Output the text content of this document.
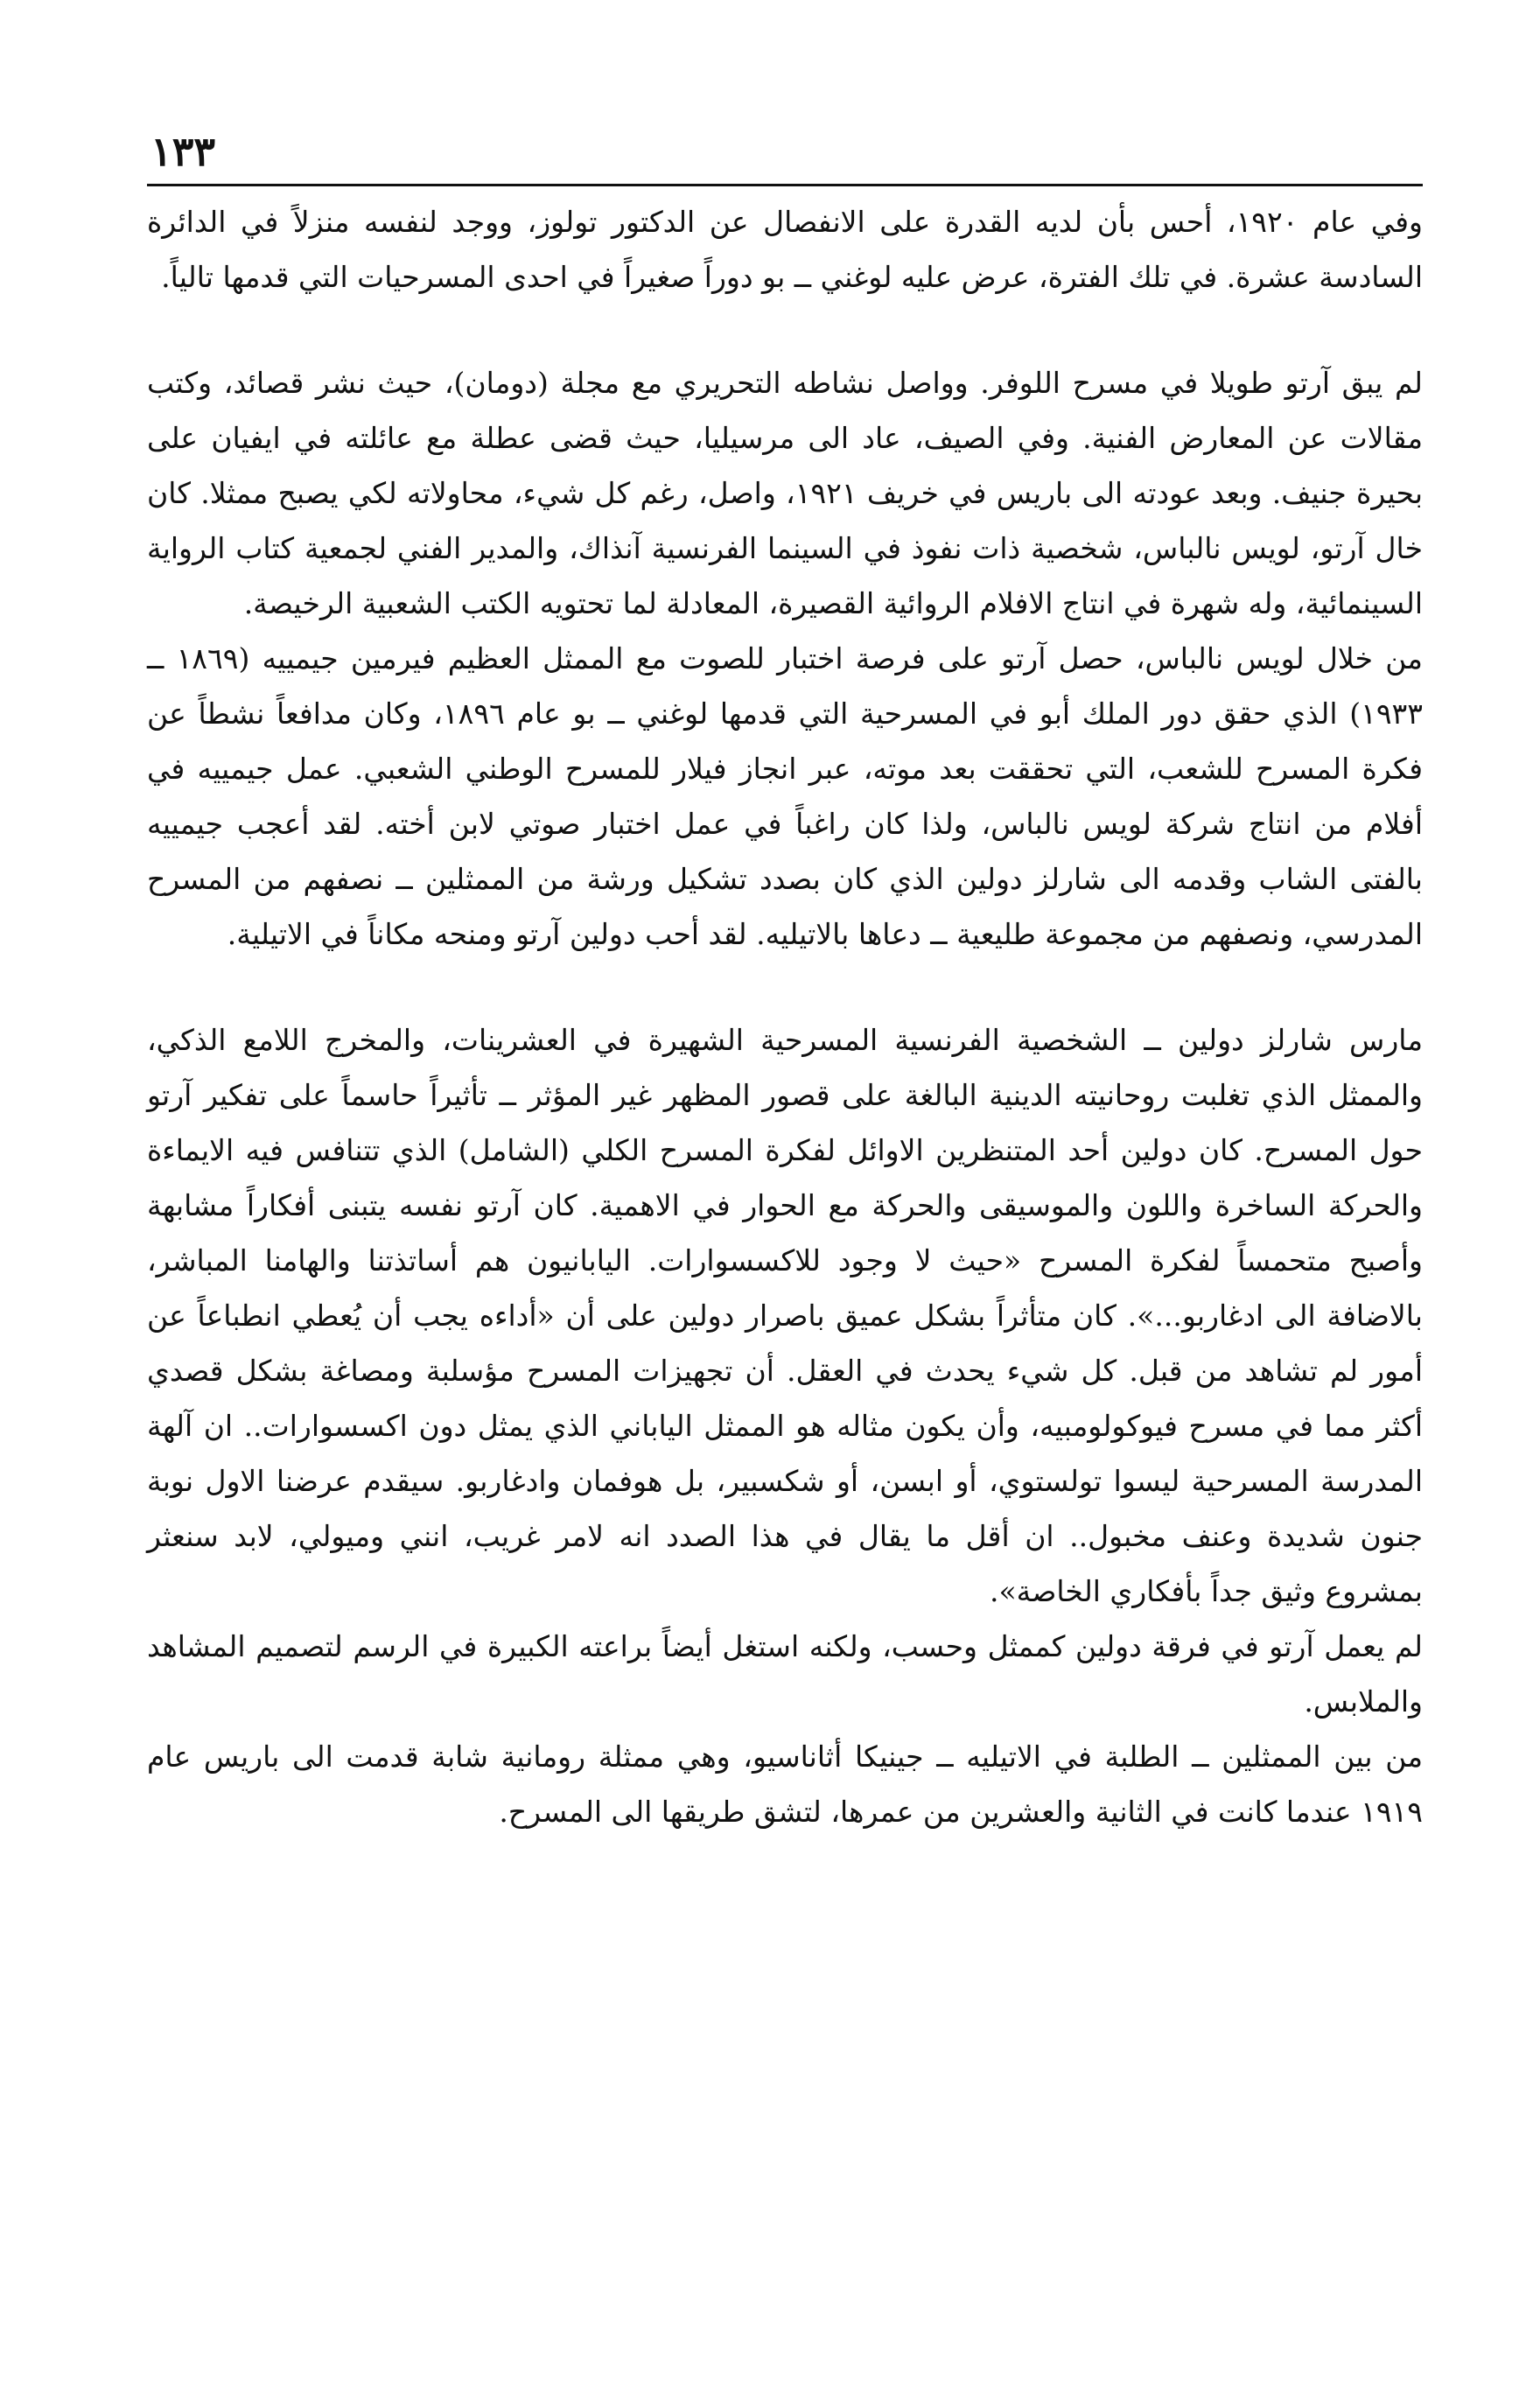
١٣٣

وفي عام ١٩٢٠، أحس بأن لديه القدرة على الانفصال عن الدكتور تولوز، ووجد لنفسه منزلاً في الدائرة السادسة عشرة. في تلك الفترة، عرض عليه لوغني ــ بو دوراً صغيراً في احدى المسرحيات التي قدمها تالياً.

لم يبق آرتو طويلا في مسرح اللوفر. وواصل نشاطه التحريري مع مجلة (دومان)، حيث نشر قصائد، وكتب مقالات عن المعارض الفنية. وفي الصيف، عاد الى مرسيليا، حيث قضى عطلة مع عائلته في ايفيان على بحيرة جنيف. وبعد عودته الى باريس في خريف ١٩٢١، واصل، رغم كل شيء، محاولاته لكي يصبح ممثلا. كان خال آرتو، لويس نالباس، شخصية ذات نفوذ في السينما الفرنسية آنذاك، والمدير الفني لجمعية كتاب الرواية السينمائية، وله شهرة في انتاج الافلام الروائية القصيرة، المعادلة لما تحتويه الكتب الشعبية الرخيصة.

من خلال لويس نالباس، حصل آرتو على فرصة اختبار للصوت مع الممثل العظيم فيرمين جيمييه (١٨٦٩ ــ ١٩٣٣) الذي حقق دور الملك أبو في المسرحية التي قدمها لوغني ــ بو عام ١٨٩٦، وكان مدافعاً نشطاً عن فكرة المسرح للشعب، التي تحققت بعد موته، عبر انجاز فيلار للمسرح الوطني الشعبي. عمل جيمييه في أفلام من انتاج شركة لويس نالباس، ولذا كان راغباً في عمل اختبار صوتي لابن أخته. لقد أعجب جيمييه بالفتى الشاب وقدمه الى شارلز دولين الذي كان بصدد تشكيل ورشة من الممثلين ــ نصفهم من المسرح المدرسي، ونصفهم من مجموعة طليعية ــ دعاها بالاتيليه. لقد أحب دولين آرتو ومنحه مكاناً في الاتيلية.

مارس شارلز دولين ــ الشخصية الفرنسية المسرحية الشهيرة في العشرينات، والمخرج اللامع الذكي، والممثل الذي تغلبت روحانيته الدينية البالغة على قصور المظهر غير المؤثر ــ تأثيراً حاسماً على تفكير آرتو حول المسرح. كان دولين أحد المتنظرين الاوائل لفكرة المسرح الكلي (الشامل) الذي تتنافس فيه الايماءة والحركة الساخرة واللون والموسيقى والحركة مع الحوار في الاهمية. كان آرتو نفسه يتبنى أفكاراً مشابهة وأصبح متحمساً لفكرة المسرح «حيث لا وجود للاكسسوارات. اليابانيون هم أساتذتنا والهامنا المباشر، بالاضافة الى ادغاربو...». كان متأثراً بشكل عميق باصرار دولين على أن «أداءه يجب أن يُعطي انطباعاً عن أمور لم تشاهد من قبل. كل شيء يحدث في العقل. أن تجهيزات المسرح مؤسلبة ومصاغة بشكل قصدي أكثر مما في مسرح فيوكولومبيه، وأن يكون مثاله هو الممثل الياباني الذي يمثل دون اكسسوارات.. ان آلهة المدرسة المسرحية ليسوا تولستوي، أو ابسن، أو شكسبير، بل هوفمان وادغاربو. سيقدم عرضنا الاول نوبة جنون شديدة وعنف مخبول.. ان أقل ما يقال في هذا الصدد انه لامر غريب، انني وميولي، لابد سنعثر بمشروع وثيق جداً بأفكاري الخاصة».

لم يعمل آرتو في فرقة دولين كممثل وحسب، ولكنه استغل أيضاً براعته الكبيرة في الرسم لتصميم المشاهد والملابس.

من بين الممثلين ــ الطلبة في الاتيليه ــ جينيكا أثاناسيو، وهي ممثلة رومانية شابة قدمت الى باريس عام ١٩١٩ عندما كانت في الثانية والعشرين من عمرها، لتشق طريقها الى المسرح.
